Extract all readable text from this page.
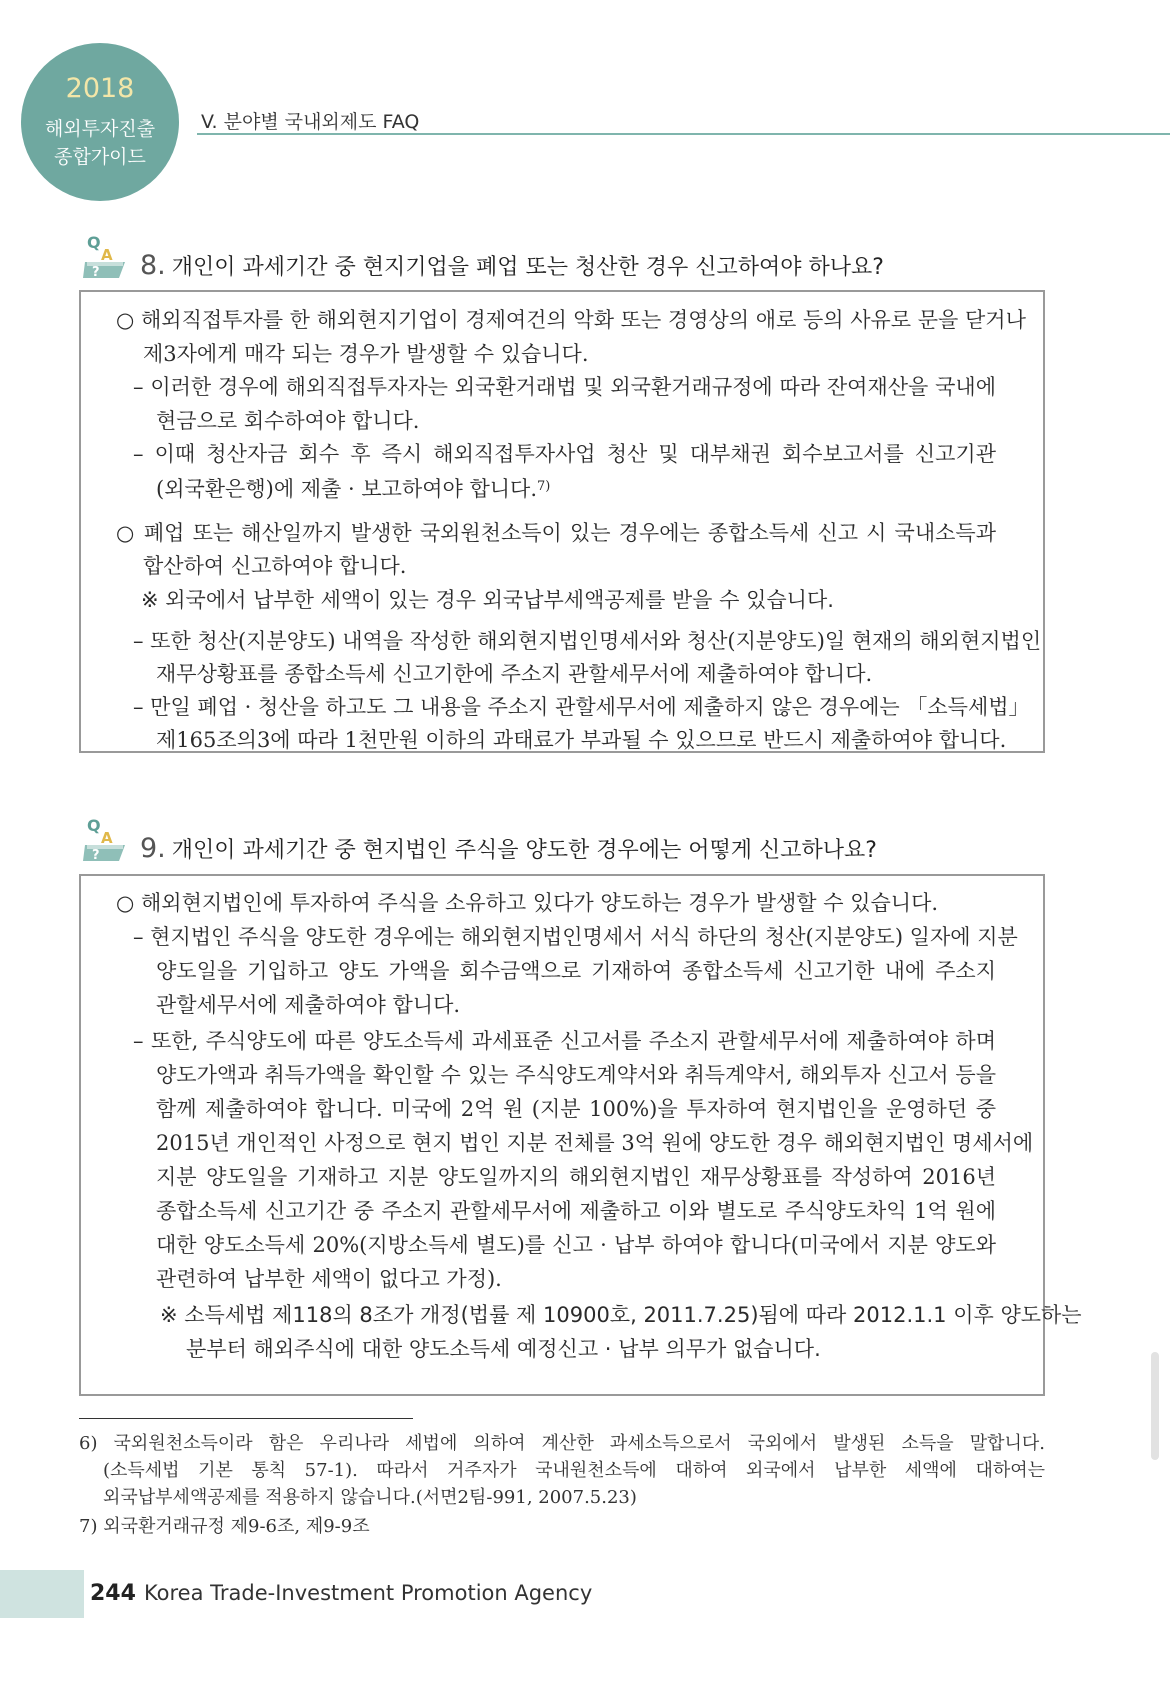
2018
해외투자진출
종합가이드
V. 분야별 국내외제도 FAQ
Q
A
? 8. 개인이 과세기간 중 현지기업을 폐업 또는 청산한 경우 신고하여야 하나요?
○ 해외직접투자를 한 해외현지기업이 경제여건의 악화 또는 경영상의 애로 등의 사유로 문을 닫거나
제3자에게 매각 되는 경우가 발생할 수 있습니다.
– 이러한 경우에 해외직접투자자는 외국환거래법 및 외국환거래규정에 따라 잔여재산을 국내에
현금으로 회수하여야 합니다.
– 이때 청산자금 회수 후 즉시 해외직접투자사업 청산 및 대부채권 회수보고서를 신고기관
(외국환은행)에 제출 · 보고하여야 합니다.$^{7)}$
○ 폐업 또는 해산일까지 발생한 국외원천소득이 있는 경우에는 종합소득세 신고 시 국내소득과
합산하여 신고하여야 합니다.
※ 외국에서 납부한 세액이 있는 경우 외국납부세액공제를 받을 수 있습니다.
– 또한 청산(지분양도) 내역을 작성한 해외현지법인명세서와 청산(지분양도)일 현재의 해외현지법인
재무상황표를 종합소득세 신고기한에 주소지 관할세무서에 제출하여야 합니다.
– 만일 폐업 · 청산을 하고도 그 내용을 주소지 관할세무서에 제출하지 않은 경우에는 「소득세법」
제165조의3에 따라 1천만원 이하의 과태료가 부과될 수 있으므로 반드시 제출하여야 합니다.
Q
A
? 9. 개인이 과세기간 중 현지법인 주식을 양도한 경우에는 어떻게 신고하나요?
○ 해외현지법인에 투자하여 주식을 소유하고 있다가 양도하는 경우가 발생할 수 있습니다.
– 현지법인 주식을 양도한 경우에는 해외현지법인명세서 서식 하단의 청산(지분양도) 일자에 지분
양도일을 기입하고 양도 가액을 회수금액으로 기재하여 종합소득세 신고기한 내에 주소지
관할세무서에 제출하여야 합니다.
– 또한, 주식양도에 따른 양도소득세 과세표준 신고서를 주소지 관할세무서에 제출하여야 하며
양도가액과 취득가액을 확인할 수 있는 주식양도계약서와 취득계약서, 해외투자 신고서 등을
함께 제출하여야 합니다. 미국에 2억 원 (지분 100%)을 투자하여 현지법인을 운영하던 중
2015년 개인적인 사정으로 현지 법인 지분 전체를 3억 원에 양도한 경우 해외현지법인 명세서에
지분 양도일을 기재하고 지분 양도일까지의 해외현지법인 재무상황표를 작성하여 2016년
종합소득세 신고기간 중 주소지 관할세무서에 제출하고 이와 별도로 주식양도차익 1억 원에
대한 양도소득세 20%(지방소득세 별도)를 신고 · 납부 하여야 합니다(미국에서 지분 양도와
관련하여 납부한 세액이 없다고 가정).
※ 소득세법 제118의 8조가 개정(법률 제 10900호, 2011.7.25)됨에 따라 2012.1.1 이후 양도하는
분부터 해외주식에 대한 양도소득세 예정신고 · 납부 의무가 없습니다.
6) 국외원천소득이라 함은 우리나라 세법에 의하여 계산한 과세소득으로서 국외에서 발생된 소득을 말합니다.
(소득세법 기본 통칙 57-1). 따라서 거주자가 국내원천소득에 대하여 외국에서 납부한 세액에 대하여는
외국납부세액공제를 적용하지 않습니다.(서면2팀-991, 2007.5.23)
7) 외국환거래규정 제9-6조, 제9-9조
244 Korea Trade-Investment Promotion Agency
